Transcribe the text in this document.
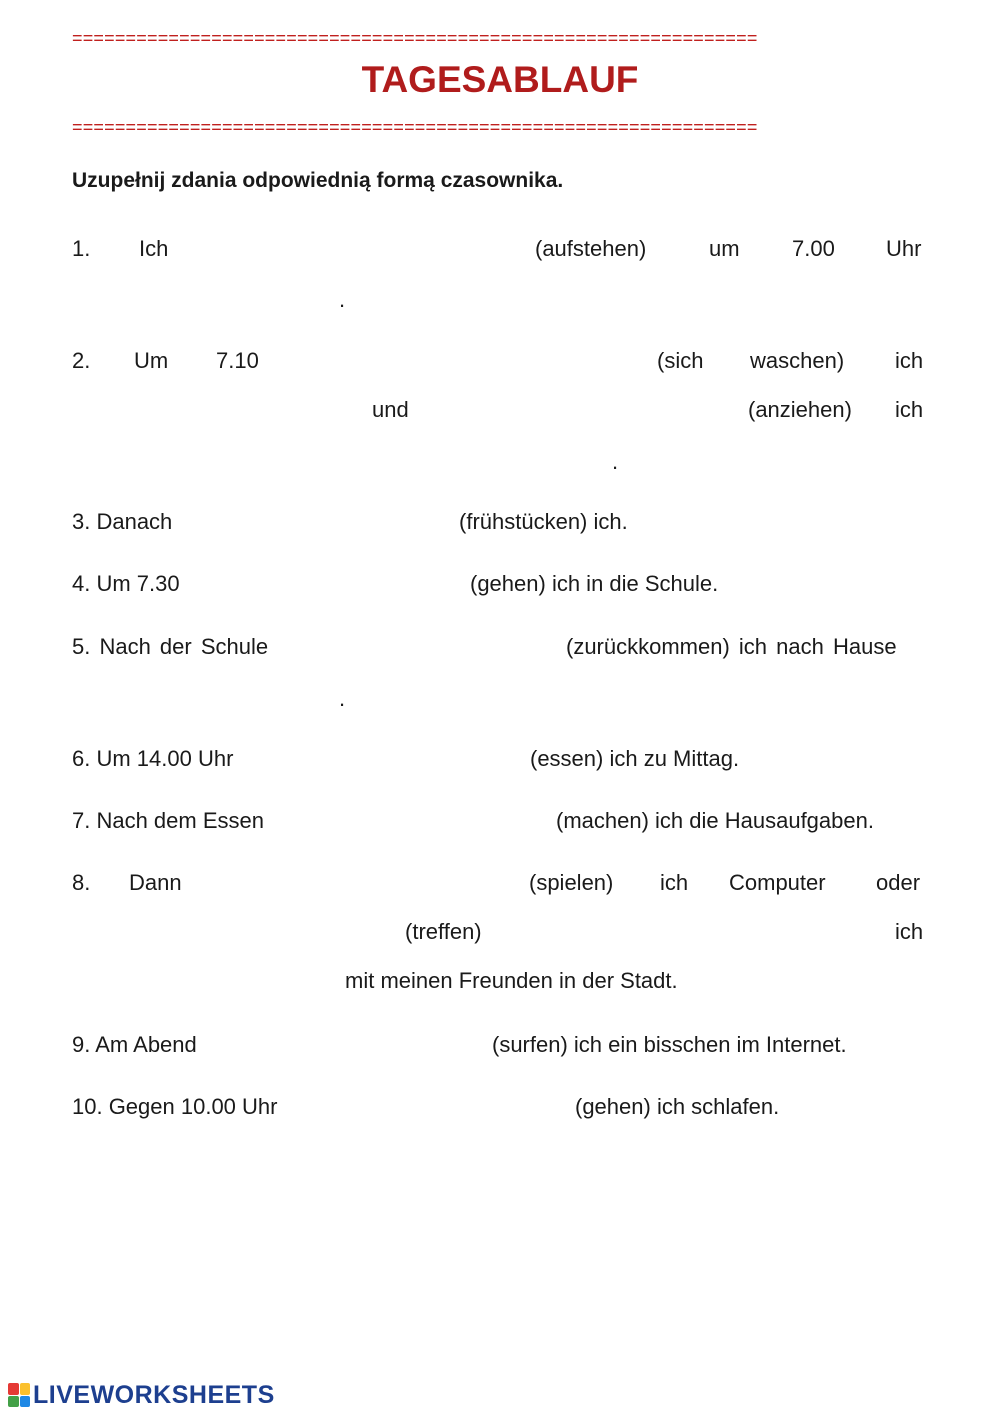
================================================================
TAGESABLAUF
================================================================
Uzupełnij zdania odpowiednią formą czasownika.
1. Ich	(aufstehen)	um 7.00 Uhr
.
2. Um 7.10	(sich waschen) ich
und	(anziehen) ich
.
3. Danach	(frühstücken) ich.
4. Um 7.30	(gehen) ich in die Schule.
5. Nach der Schule	(zurückkommen) ich nach Hause
.
6. Um 14.00 Uhr	(essen) ich zu Mittag.
7. Nach dem Essen	(machen) ich die Hausaufgaben.
8. Dann	(spielen) ich Computer oder
(treffen)	ich
mit meinen Freunden in der Stadt.
9. Am Abend	(surfen) ich ein bisschen im Internet.
10. Gegen 10.00 Uhr	(gehen) ich schlafen.
LIVEWORKSHEETS
